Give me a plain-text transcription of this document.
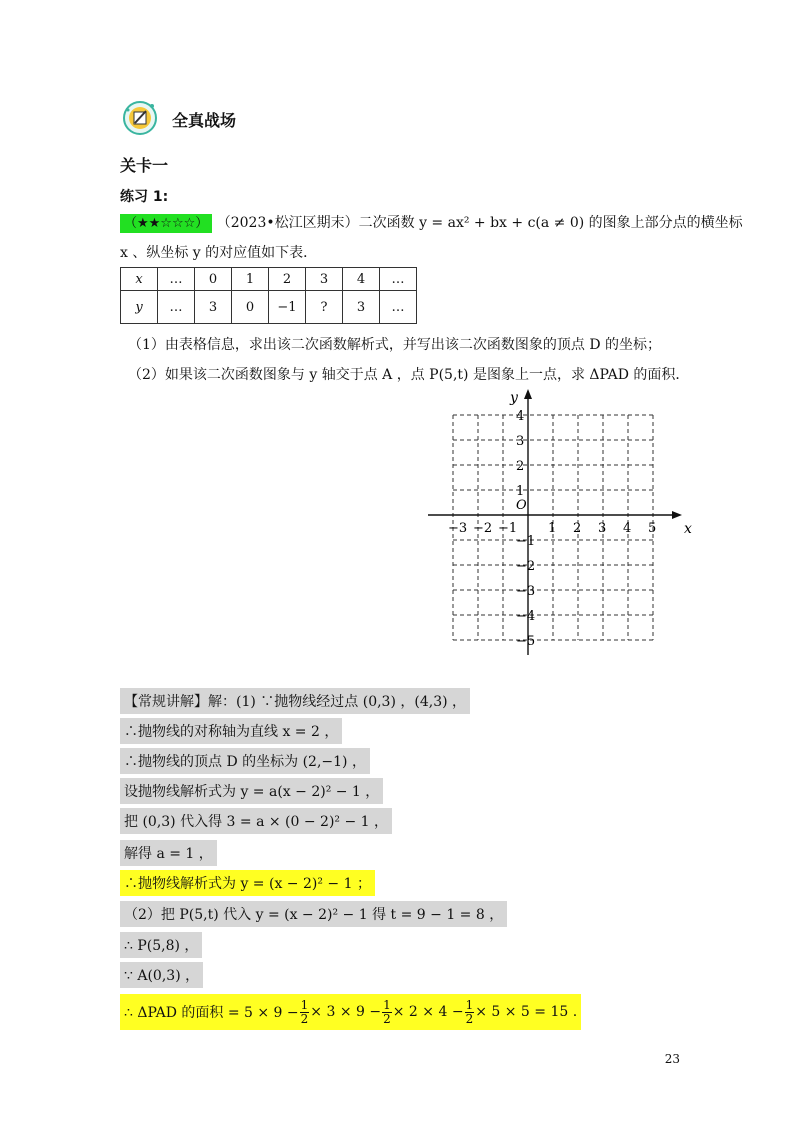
全真战场
关卡一
练习 1:
（★★☆☆☆） （2023•松江区期末）二次函数 y = ax² + bx + c(a ≠ 0) 的图象上部分点的横坐标
x 、纵坐标 y 的对应值如下表．
x	…	0	1	2	3	4	…
y	…	3	0	−1	?	3	…
（1）由表格信息，求出该二次函数解析式，并写出该二次函数图象的顶点 D 的坐标；
（2）如果该二次函数图象与 y 轴交于点 A ，点 P(5,t) 是图象上一点，求 ΔPAD 的面积．
−3 −2 −1 1 2 3 4 5
4
3
2
1
−1
−2
−3
−4
−5
O
x
y
【常规讲解】解：(1) ∵抛物线经过点 (0,3) ，(4,3) ，
∴抛物线的对称轴为直线 x = 2 ，
∴抛物线的顶点 D 的坐标为 (2,−1) ，
设抛物线解析式为 y = a(x − 2)² − 1 ，
把 (0,3) 代入得 3 = a × (0 − 2)² − 1 ，
解得 a = 1 ，
∴抛物线解析式为 y = (x − 2)² − 1 ；
（2）把 P(5,t) 代入 y = (x − 2)² − 1 得 t = 9 − 1 = 8 ，
∴ P(5,8) ，
∵ A(0,3) ，
∴ ΔPAD 的面积 = $5 \times 9 - \frac{1}{2} \times 3 \times 9 - \frac{1}{2} \times 2 \times 4 - \frac{1}{2} \times 5 \times 5 = 15$ .
23
